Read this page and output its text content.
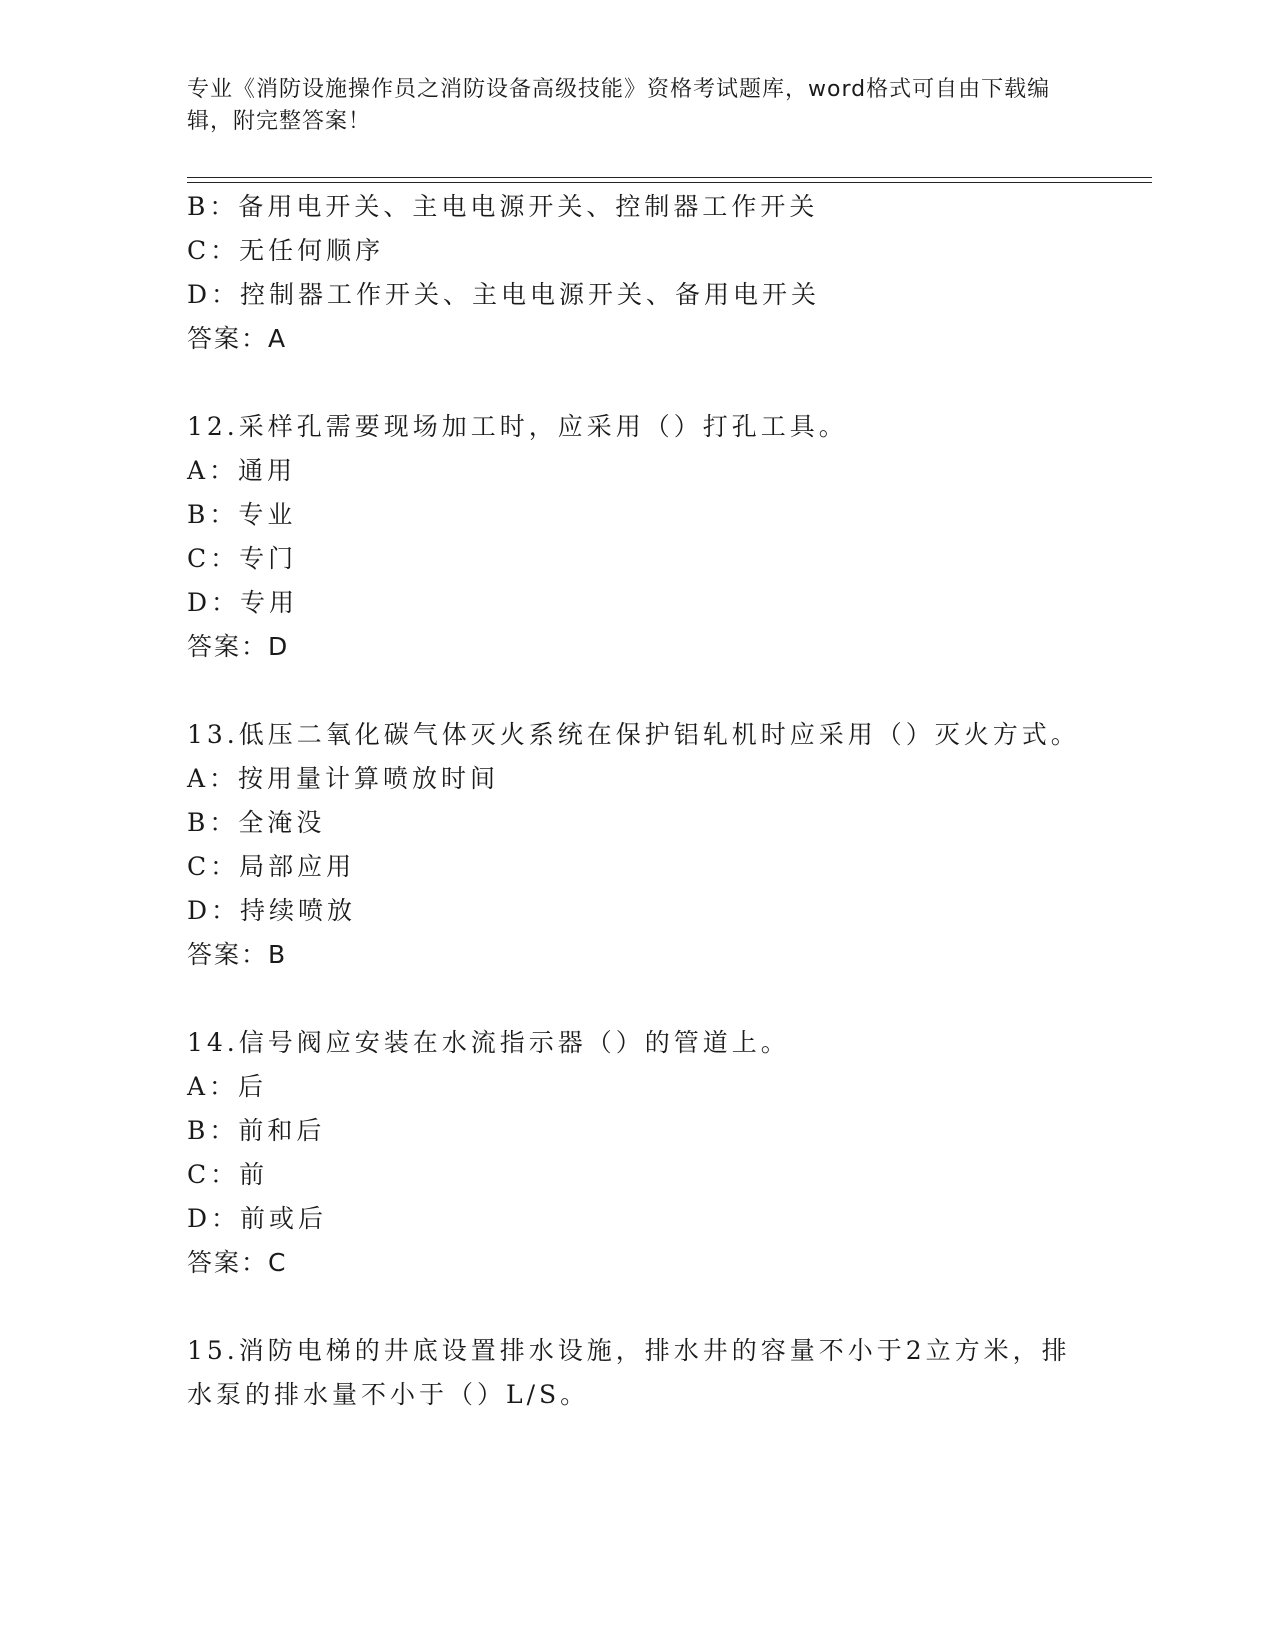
专业《消防设施操作员之消防设备高级技能》资格考试题库，word格式可自由下载编辑，附完整答案！
B：备用电开关、主电电源开关、控制器工作开关
C：无任何顺序
D：控制器工作开关、主电电源开关、备用电开关
答案：A
12.采样孔需要现场加工时，应采用（）打孔工具。
A：通用
B：专业
C：专门
D：专用
答案：D
13.低压二氧化碳气体灭火系统在保护铝轧机时应采用（）灭火方式。
A：按用量计算喷放时间
B：全淹没
C：局部应用
D：持续喷放
答案：B
14.信号阀应安装在水流指示器（）的管道上。
A：后
B：前和后
C：前
D：前或后
答案：C
15.消防电梯的井底设置排水设施，排水井的容量不小于2立方米，排
水泵的排水量不小于（）L/S。
